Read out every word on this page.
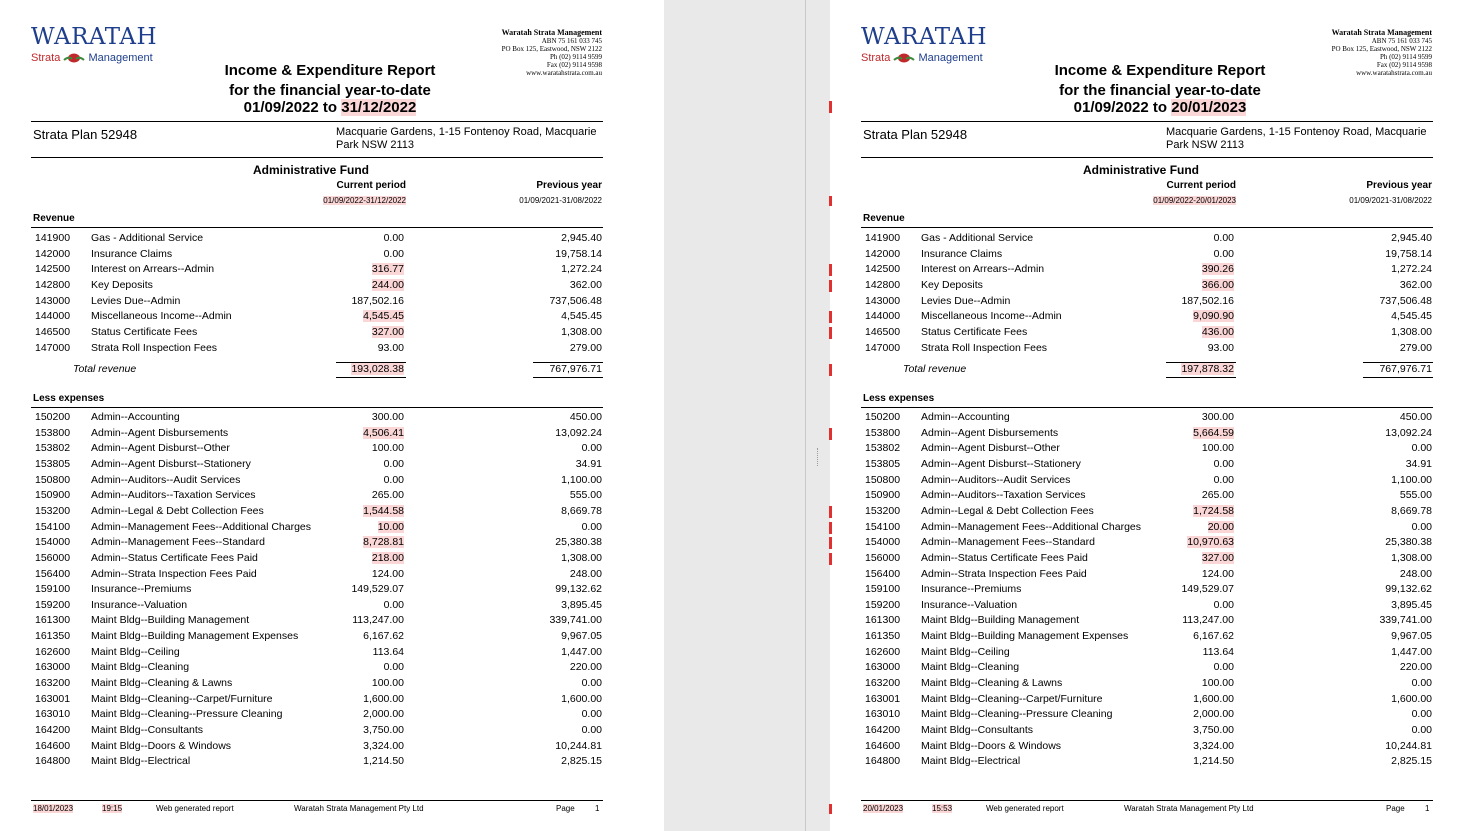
WARATAH
Strata	Management
Waratah Strata Management
ABN 75 161 033 745
PO Box 125, Eastwood, NSW 2122
Ph (02) 9114 9599
Fax (02) 9114 9598
www.waratahstrata.com.au
Income & Expenditure Report
for the financial year-to-date
01/09/2022 to 31/12/2022
Strata Plan 52948	Macquarie Gardens, 1-15 Fontenoy Road, Macquarie Park NSW 2113
Administrative Fund
Current period	Previous year
01/09/2022-31/12/2022	01/09/2021-31/08/2022
Revenue
141900 Gas - Additional Service	0.00	2,945.40
142000 Insurance Claims	0.00	19,758.14
142500 Interest on Arrears--Admin	316.77	1,272.24
142800 Key Deposits	244.00	362.00
143000 Levies Due--Admin	187,502.16	737,506.48
144000 Miscellaneous Income--Admin	4,545.45	4,545.45
146500 Status Certificate Fees	327.00	1,308.00
147000 Strata Roll Inspection Fees	93.00	279.00
Total revenue	193,028.38	767,976.71
Less expenses
150200 Admin--Accounting	300.00	450.00
153800 Admin--Agent Disbursements	4,506.41	13,092.24
153802 Admin--Agent Disburst--Other	100.00	0.00
153805 Admin--Agent Disburst--Stationery	0.00	34.91
150800 Admin--Auditors--Audit Services	0.00	1,100.00
150900 Admin--Auditors--Taxation Services	265.00	555.00
153200 Admin--Legal & Debt Collection Fees	1,544.58	8,669.78
154100 Admin--Management Fees--Additional Charges	10.00	0.00
154000 Admin--Management Fees--Standard	8,728.81	25,380.38
156000 Admin--Status Certificate Fees Paid	218.00	1,308.00
156400 Admin--Strata Inspection Fees Paid	124.00	248.00
159100 Insurance--Premiums	149,529.07	99,132.62
159200 Insurance--Valuation	0.00	3,895.45
161300 Maint Bldg--Building Management	113,247.00	339,741.00
161350 Maint Bldg--Building Management Expenses	6,167.62	9,967.05
162600 Maint Bldg--Ceiling	113.64	1,447.00
163000 Maint Bldg--Cleaning	0.00	220.00
163200 Maint Bldg--Cleaning & Lawns	100.00	0.00
163001 Maint Bldg--Cleaning--Carpet/Furniture	1,600.00	1,600.00
163010 Maint Bldg--Cleaning--Pressure Cleaning	2,000.00	0.00
164200 Maint Bldg--Consultants	3,750.00	0.00
164600 Maint Bldg--Doors & Windows	3,324.00	10,244.81
164800 Maint Bldg--Electrical	1,214.50	2,825.15
18/01/2023	19:15	Web generated report	Waratah Strata Management Pty Ltd	Page	1
WARATAH
Strata	Management
Waratah Strata Management
ABN 75 161 033 745
PO Box 125, Eastwood, NSW 2122
Ph (02) 9114 9599
Fax (02) 9114 9598
www.waratahstrata.com.au
Income & Expenditure Report
for the financial year-to-date
01/09/2022 to 20/01/2023
Strata Plan 52948	Macquarie Gardens, 1-15 Fontenoy Road, Macquarie Park NSW 2113
Administrative Fund
Current period	Previous year
01/09/2022-20/01/2023	01/09/2021-31/08/2022
Revenue
141900 Gas - Additional Service	0.00	2,945.40
142000 Insurance Claims	0.00	19,758.14
142500 Interest on Arrears--Admin	390.26	1,272.24
142800 Key Deposits	366.00	362.00
143000 Levies Due--Admin	187,502.16	737,506.48
144000 Miscellaneous Income--Admin	9,090.90	4,545.45
146500 Status Certificate Fees	436.00	1,308.00
147000 Strata Roll Inspection Fees	93.00	279.00
Total revenue	197,878.32	767,976.71
Less expenses
150200 Admin--Accounting	300.00	450.00
153800 Admin--Agent Disbursements	5,664.59	13,092.24
153802 Admin--Agent Disburst--Other	100.00	0.00
153805 Admin--Agent Disburst--Stationery	0.00	34.91
150800 Admin--Auditors--Audit Services	0.00	1,100.00
150900 Admin--Auditors--Taxation Services	265.00	555.00
153200 Admin--Legal & Debt Collection Fees	1,724.58	8,669.78
154100 Admin--Management Fees--Additional Charges	20.00	0.00
154000 Admin--Management Fees--Standard	10,970.63	25,380.38
156000 Admin--Status Certificate Fees Paid	327.00	1,308.00
156400 Admin--Strata Inspection Fees Paid	124.00	248.00
159100 Insurance--Premiums	149,529.07	99,132.62
159200 Insurance--Valuation	0.00	3,895.45
161300 Maint Bldg--Building Management	113,247.00	339,741.00
161350 Maint Bldg--Building Management Expenses	6,167.62	9,967.05
162600 Maint Bldg--Ceiling	113.64	1,447.00
163000 Maint Bldg--Cleaning	0.00	220.00
163200 Maint Bldg--Cleaning & Lawns	100.00	0.00
163001 Maint Bldg--Cleaning--Carpet/Furniture	1,600.00	1,600.00
163010 Maint Bldg--Cleaning--Pressure Cleaning	2,000.00	0.00
164200 Maint Bldg--Consultants	3,750.00	0.00
164600 Maint Bldg--Doors & Windows	3,324.00	10,244.81
164800 Maint Bldg--Electrical	1,214.50	2,825.15
20/01/2023	15:53	Web generated report	Waratah Strata Management Pty Ltd	Page	1
